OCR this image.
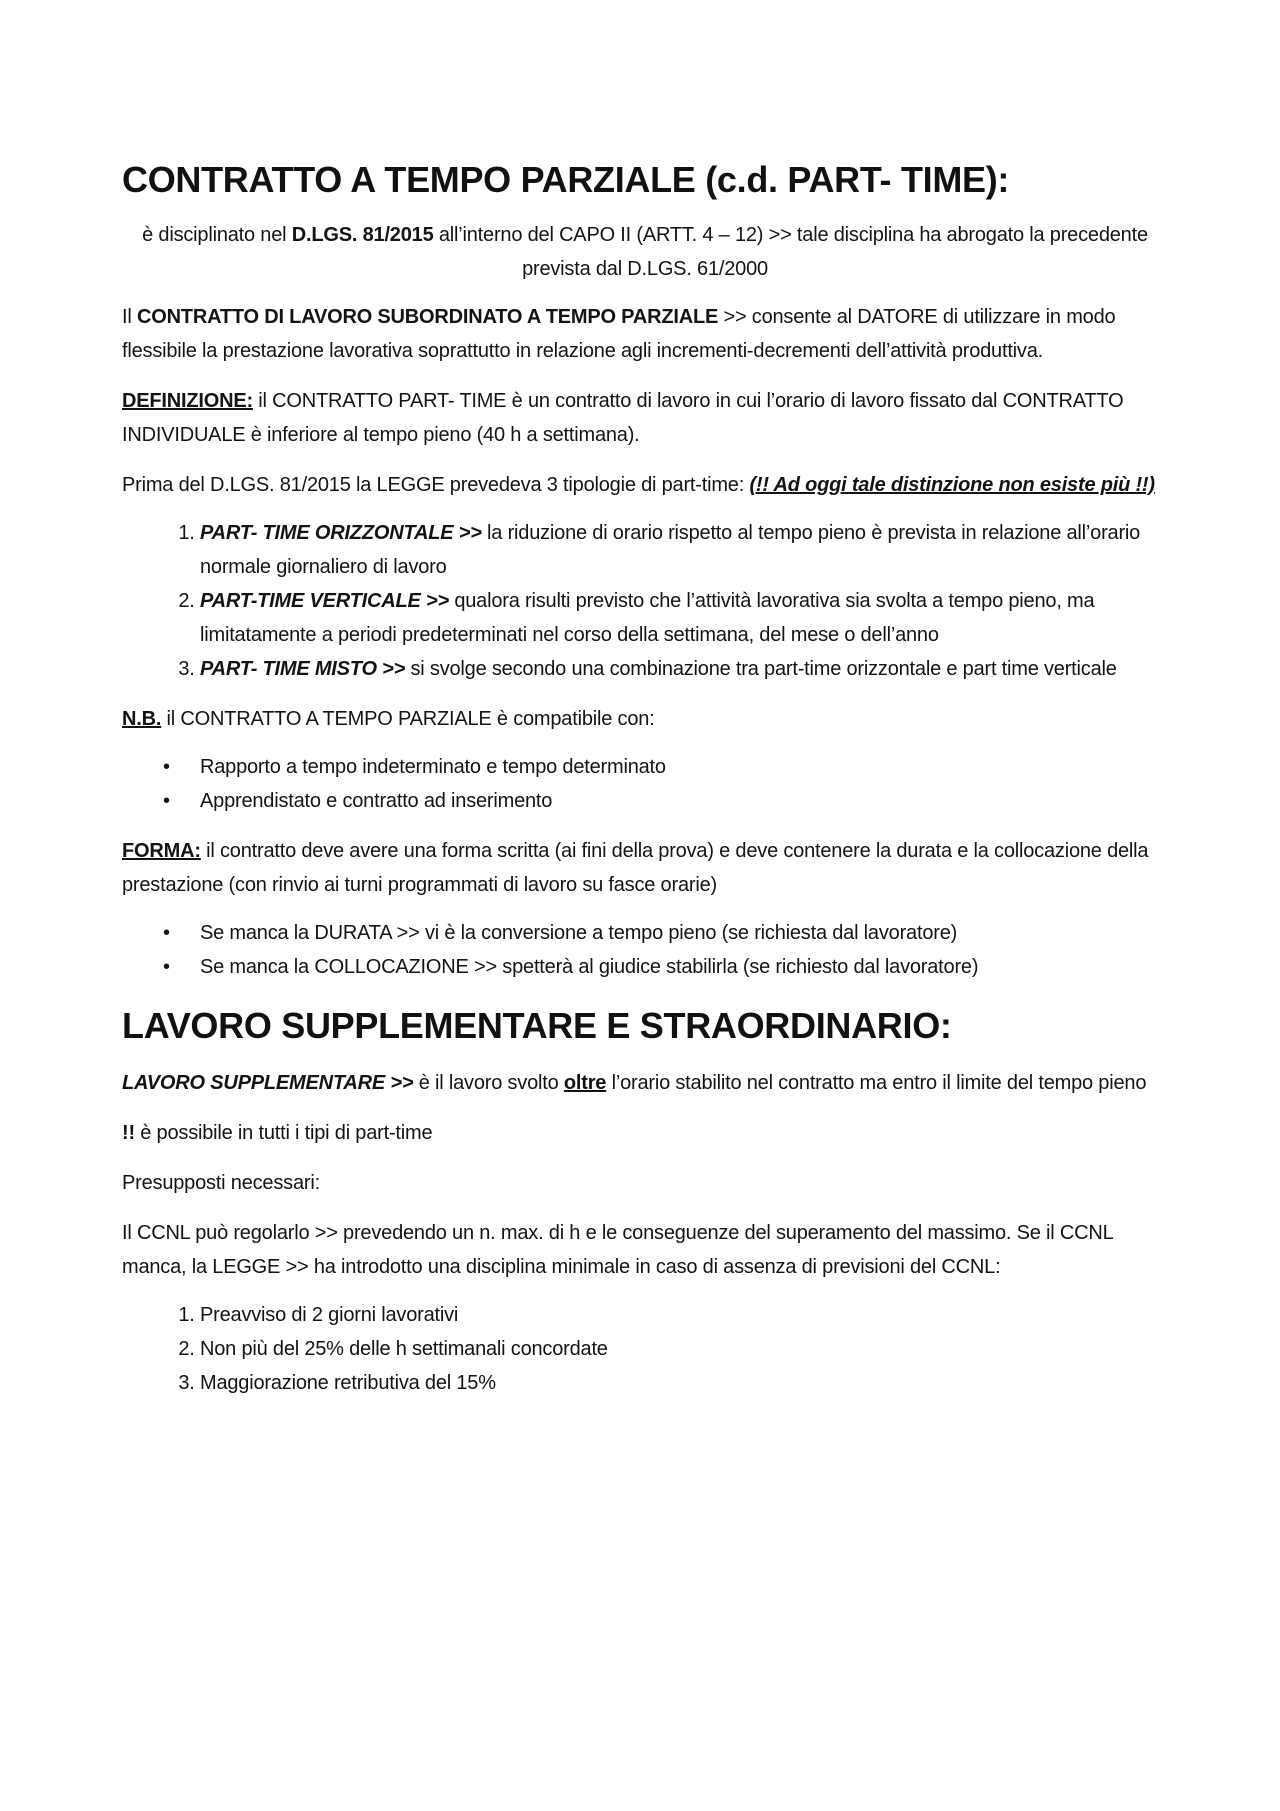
CONTRATTO A TEMPO PARZIALE (c.d. PART- TIME):

è disciplinato nel D.LGS. 81/2015 all’interno del CAPO II (ARTT. 4 – 12) >> tale disciplina ha abrogato la precedente prevista dal D.LGS. 61/2000

Il CONTRATTO DI LAVORO SUBORDINATO A TEMPO PARZIALE >> consente al DATORE di utilizzare in modo flessibile la prestazione lavorativa soprattutto in relazione agli incrementi-decrementi dell’attività produttiva.

DEFINIZIONE: il CONTRATTO PART- TIME è un contratto di lavoro in cui l’orario di lavoro fissato dal CONTRATTO INDIVIDUALE è inferiore al tempo pieno (40 h a settimana).

Prima del D.LGS. 81/2015 la LEGGE prevedeva 3 tipologie di part-time: (!! Ad oggi tale distinzione non esiste più !!)

1. PART- TIME ORIZZONTALE >> la riduzione di orario rispetto al tempo pieno è prevista in relazione all’orario normale giornaliero di lavoro
2. PART-TIME VERTICALE >> qualora risulti previsto che l’attività lavorativa sia svolta a tempo pieno, ma limitatamente a periodi predeterminati nel corso della settimana, del mese o dell’anno
3. PART- TIME MISTO >> si svolge secondo una combinazione tra part-time orizzontale e part time verticale

N.B. il CONTRATTO A TEMPO PARZIALE è compatibile con:

• Rapporto a tempo indeterminato e tempo determinato
• Apprendistato e contratto ad inserimento

FORMA: il contratto deve avere una forma scritta (ai fini della prova) e deve contenere la durata e la collocazione della prestazione (con rinvio ai turni programmati di lavoro su fasce orarie)

• Se manca la DURATA >> vi è la conversione a tempo pieno (se richiesta dal lavoratore)
• Se manca la COLLOCAZIONE >> spetterà al giudice stabilirla (se richiesto dal lavoratore)
LAVORO SUPPLEMENTARE E STRAORDINARIO:

LAVORO SUPPLEMENTARE >> è il lavoro svolto oltre l’orario stabilito nel contratto ma entro il limite del tempo pieno

!! è possibile in tutti i tipi di part-time

Presupposti necessari:

Il CCNL può regolarlo >> prevedendo un n. max. di h e le conseguenze del superamento del massimo. Se il CCNL manca, la LEGGE >> ha introdotto una disciplina minimale in caso di assenza di previsioni del CCNL:

1. Preavviso di 2 giorni lavorativi
2. Non più del 25% delle h settimanali concordate
3. Maggiorazione retributiva del 15%
